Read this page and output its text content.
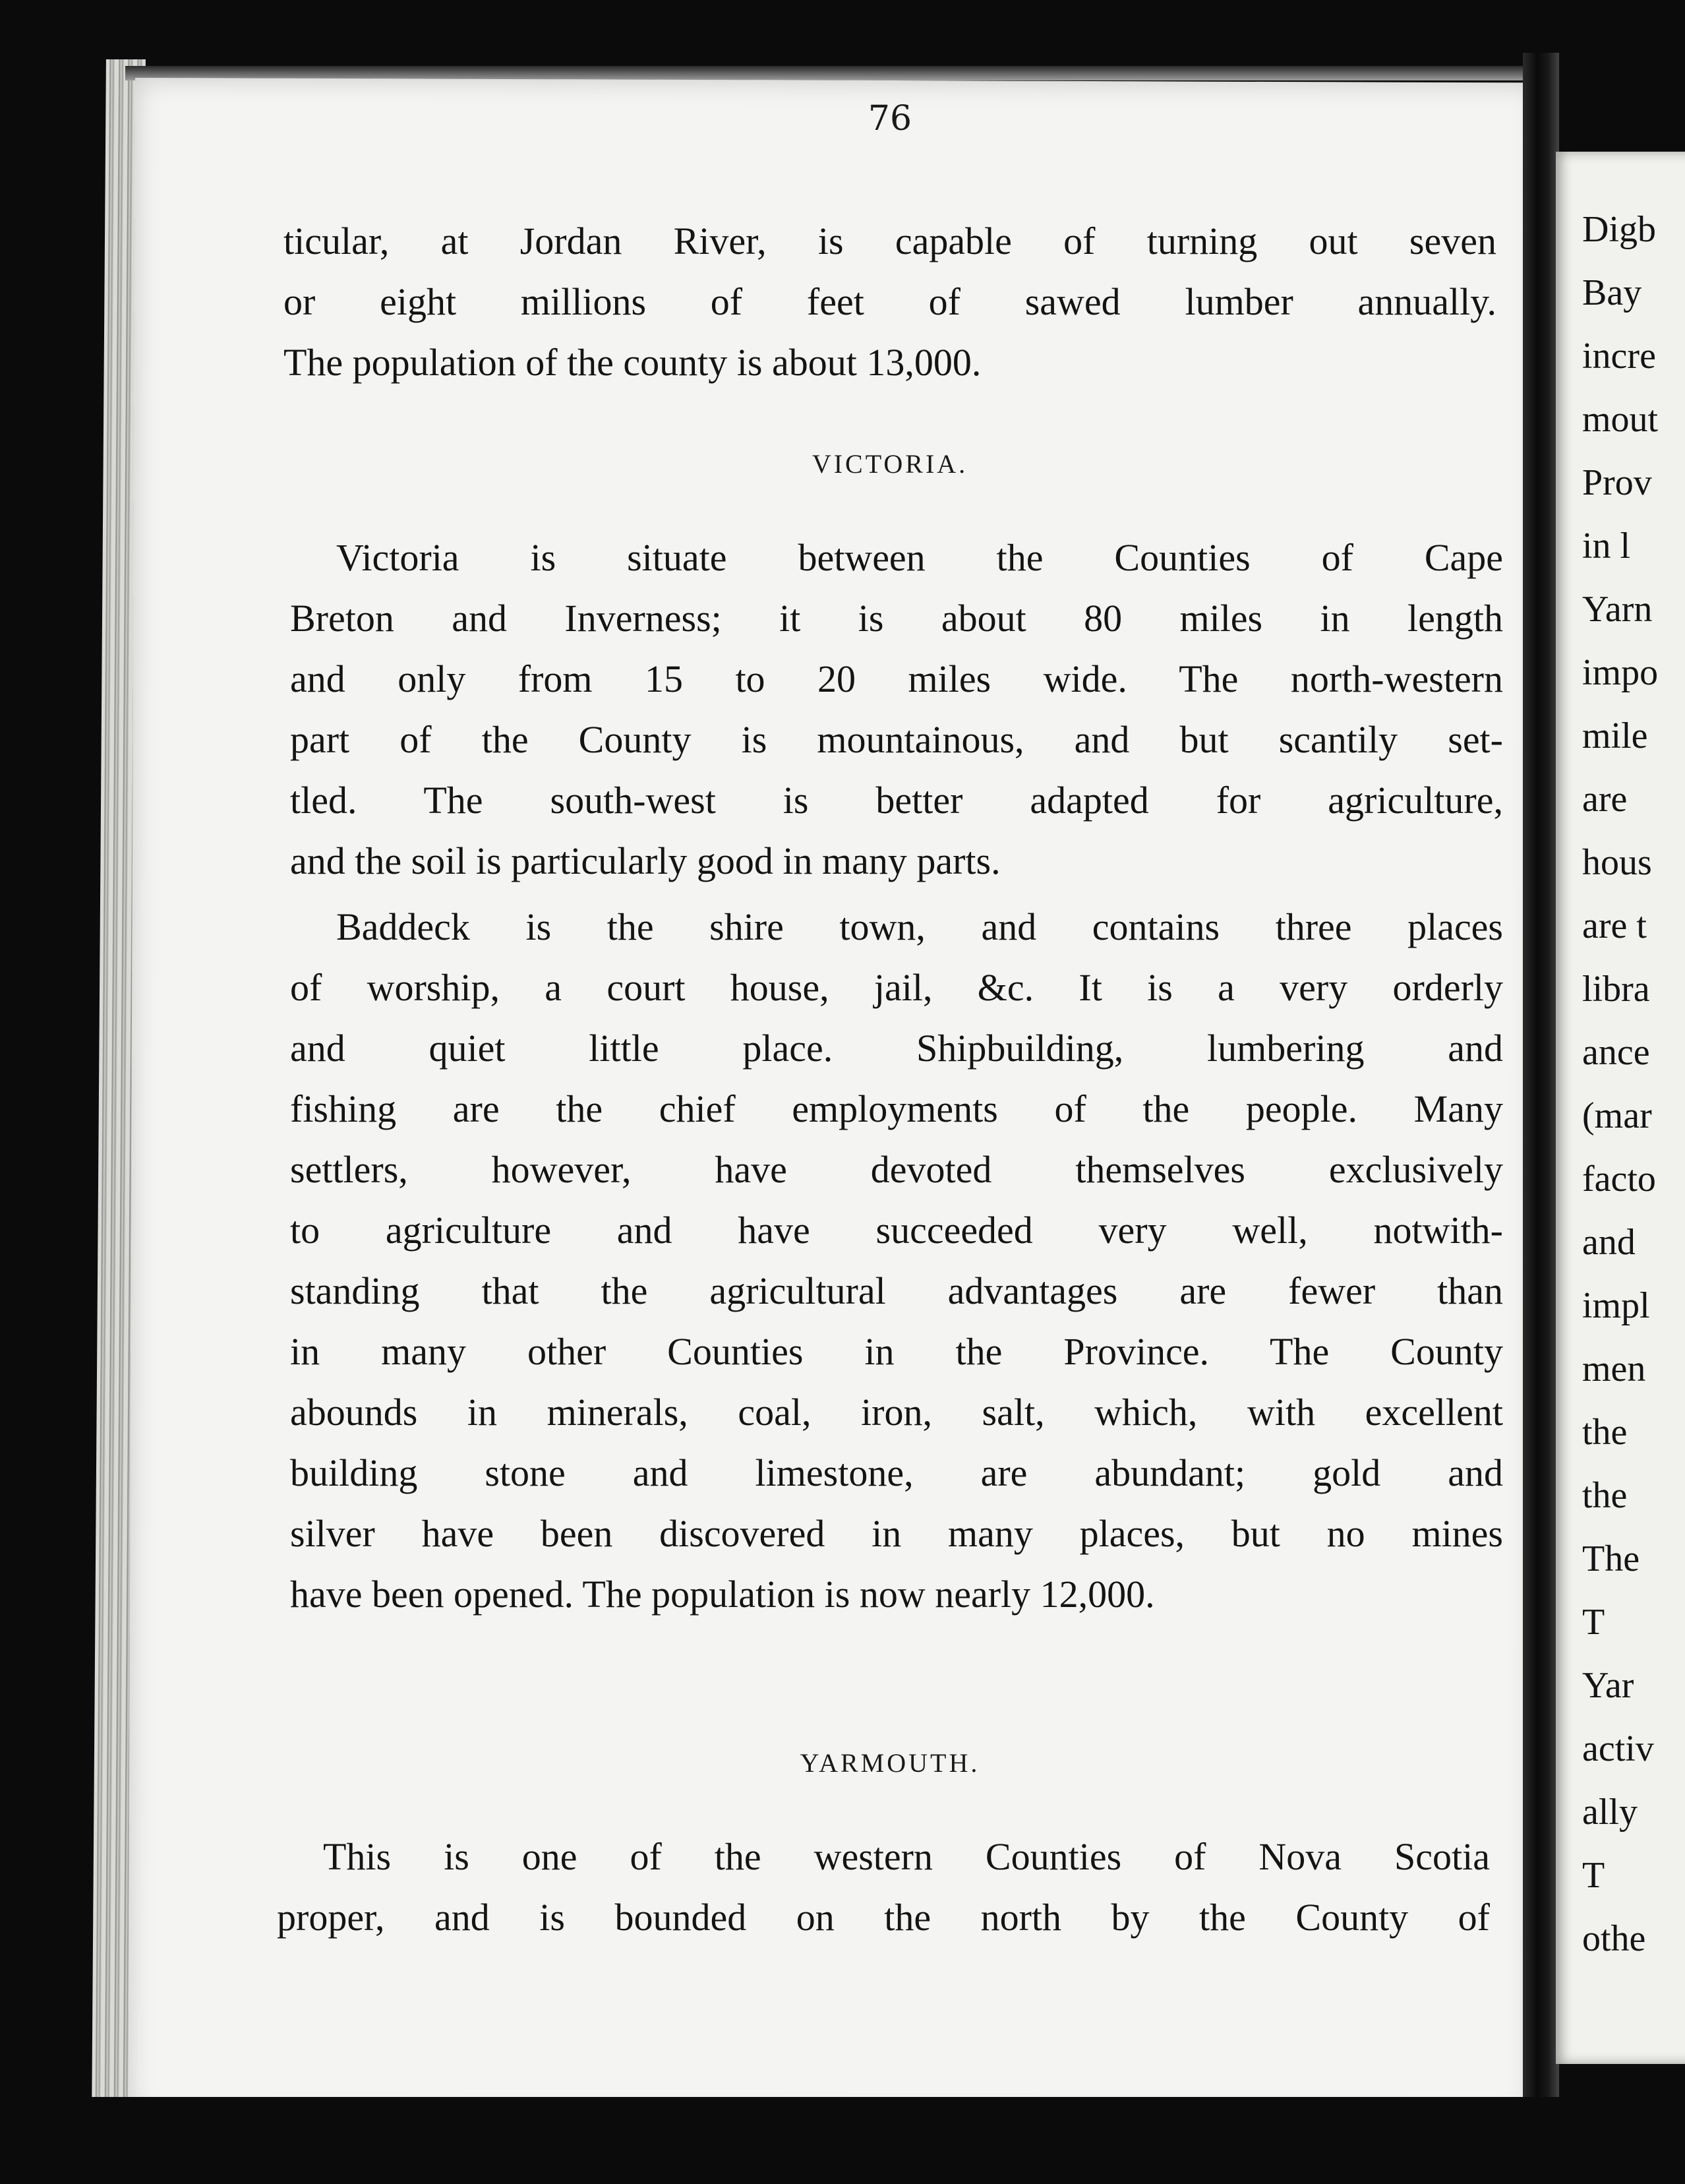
76
ticular, at Jordan River, is capable of turning out seven
or eight millions of feet of sawed lumber annually.
The population of the county is about 13,000.
VICTORIA.
Victoria is situate between the Counties of Cape
Breton and Inverness; it is about 80 miles in length
and only from 15 to 20 miles wide. The north-western
part of the County is mountainous, and but scantily set-
tled. The south-west is better adapted for agriculture,
and the soil is particularly good in many parts.
Baddeck is the shire town, and contains three places
of worship, a court house, jail, &c. It is a very orderly
and quiet little place. Shipbuilding, lumbering and
fishing are the chief employments of the people. Many
settlers, however, have devoted themselves exclusively
to agriculture and have succeeded very well, notwith-
standing that the agricultural advantages are fewer than
in many other Counties in the Province. The County
abounds in minerals, coal, iron, salt, which, with excellent
building stone and limestone, are abundant; gold and
silver have been discovered in many places, but no mines
have been opened. The population is now nearly 12,000.
YARMOUTH.
This is one of the western Counties of Nova Scotia
proper, and is bounded on the north by the County of
Digb
Bay
incre
mout
Prov
in l
Yarn
impo
mile
are
hous
are t
libra
ance
(mar
facto
and
impl
men
the
the
The
T
Yar
activ
ally
T
othe
